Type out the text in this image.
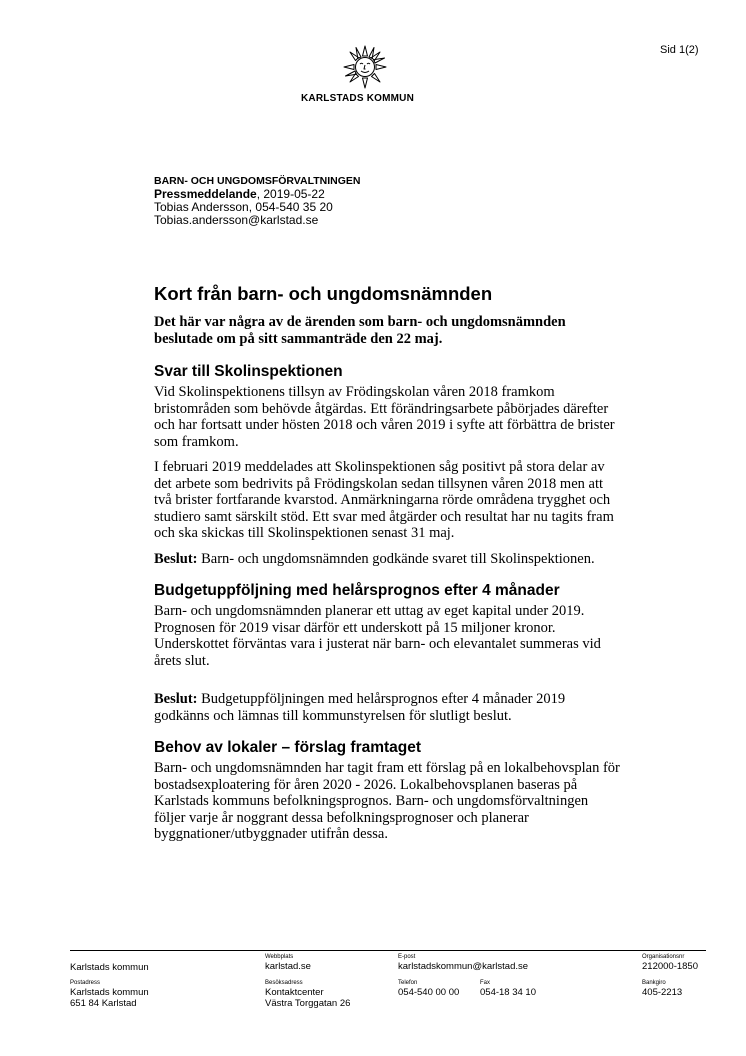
Sid 1(2)
KARLSTADS KOMMUN
BARN- OCH UNGDOMSFÖRVALTNINGEN
Pressmeddelande, 2019-05-22
Tobias Andersson, 054-540 35 20
Tobias.andersson@karlstad.se
Kort från barn- och ungdomsnämnden
Det här var några av de ärenden som barn- och ungdomsnämnden
beslutade om på sitt sammanträde den 22 maj.
Svar till Skolinspektionen

Vid Skolinspektionens tillsyn av Frödingskolan våren 2018 framkom bristområden som behövde åtgärdas. Ett förändringsarbete påbörjades därefter och har fortsatt under hösten 2018 och våren 2019 i syfte att förbättra de brister som framkom.

I februari 2019 meddelades att Skolinspektionen såg positivt på stora delar av det arbete som bedrivits på Frödingskolan sedan tillsynen våren 2018 men att två brister fortfarande kvarstod. Anmärkningarna rörde områdena trygghet och studiero samt särskilt stöd. Ett svar med åtgärder och resultat har nu tagits fram och ska skickas till Skolinspektionen senast 31 maj.

Beslut: Barn- och ungdomsnämnden godkände svaret till Skolinspektionen.

Budgetuppföljning med helårsprognos efter 4 månader

Barn- och ungdomsnämnden planerar ett uttag av eget kapital under 2019. Prognosen för 2019 visar därför ett underskott på 15 miljoner kronor. Underskottet förväntas vara i justerat när barn- och elevantalet summeras vid årets slut.

Beslut: Budgetuppföljningen med helårsprognos efter 4 månader 2019 godkänns och lämnas till kommunstyrelsen för slutligt beslut.

Behov av lokaler – förslag framtaget

Barn- och ungdomsnämnden har tagit fram ett förslag på en lokalbehovsplan för bostadsexploatering för åren 2020 - 2026. Lokalbehovsplanen baseras på Karlstads kommuns befolkningsprognos. Barn- och ungdomsförvaltningen följer varje år noggrant dessa befolkningsprognoser och planerar byggnationer/utbyggnader utifrån dessa.

Karlstads kommun
Webbplats
karlstad.se
E-post
karlstadskommun@karlstad.se
Organisationsnr
212000-1850
Postadress
Karlstads kommun
651 84 Karlstad
Besöksadress
Kontaktcenter
Västra Torggatan 26
Telefon
054-540 00 00
Fax
054-18 34 10
Bankgiro
405-2213
